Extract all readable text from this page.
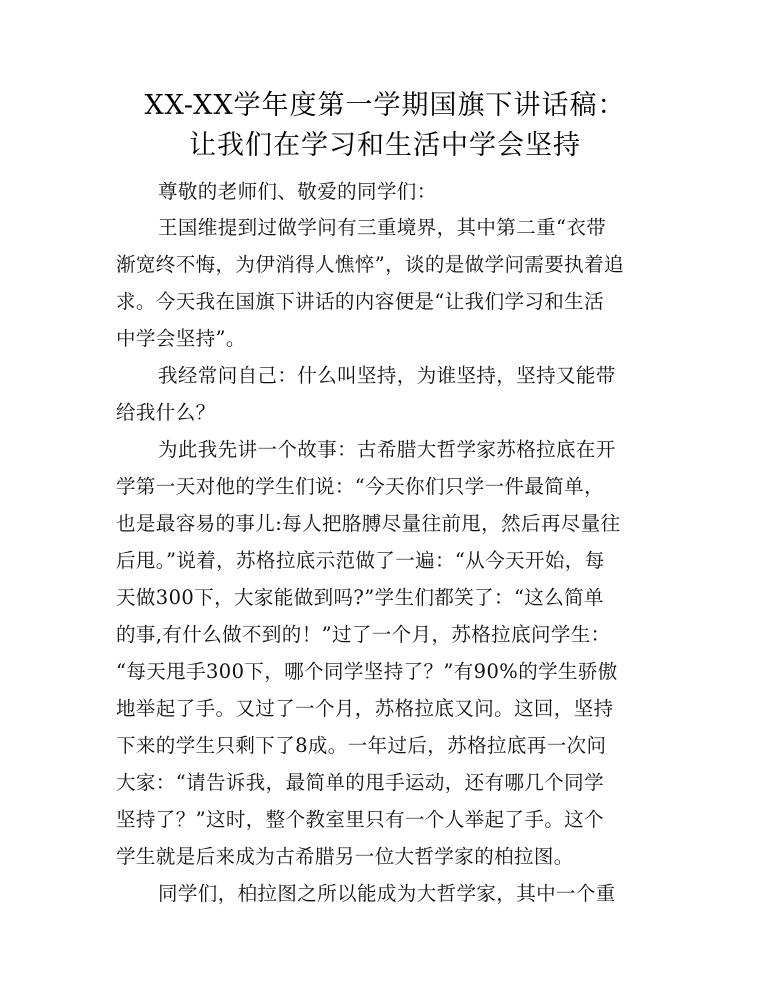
XX-XX学年度第一学期国旗下讲话稿：
让我们在学习和生活中学会坚持
尊敬的老师们、敬爱的同学们：
王国维提到过做学问有三重境界，其中第二重“衣带
渐宽终不悔，为伊消得人憔悴”，谈的是做学问需要执着追
求。今天我在国旗下讲话的内容便是“让我们学习和生活
中学会坚持”。
我经常问自己：什么叫坚持，为谁坚持，坚持又能带
给我什么？
为此我先讲一个故事：古希腊大哲学家苏格拉底在开
学第一天对他的学生们说：“今天你们只学一件最简单，
也是最容易的事儿:每人把胳膊尽量往前甩，然后再尽量往
后甩。”说着，苏格拉底示范做了一遍：“从今天开始，每
天做300下，大家能做到吗?”学生们都笑了：“这么简单
的事,有什么做不到的！”过了一个月，苏格拉底问学生：
“每天甩手300下，哪个同学坚持了？”有90%的学生骄傲
地举起了手。又过了一个月，苏格拉底又问。这回，坚持
下来的学生只剩下了8成。一年过后，苏格拉底再一次问
大家：“请告诉我，最简单的甩手运动，还有哪几个同学
坚持了？”这时，整个教室里只有一个人举起了手。这个
学生就是后来成为古希腊另一位大哲学家的柏拉图。
同学们，柏拉图之所以能成为大哲学家，其中一个重
